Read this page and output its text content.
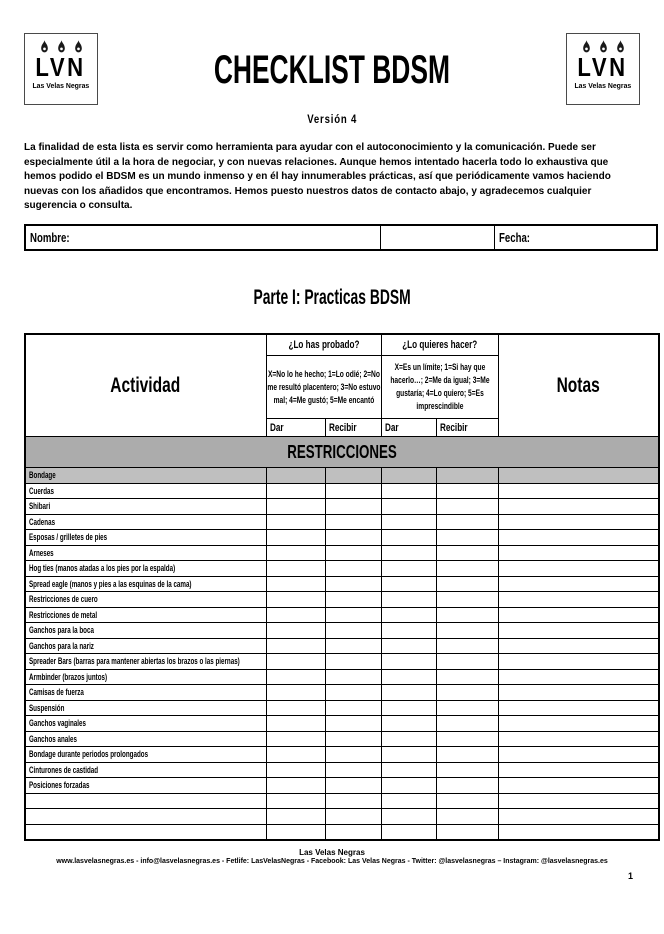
LVN
Las Velas Negras
LVN
Las Velas Negras
CHECKLIST BDSM
Versión 4
La finalidad de esta lista es servir como herramienta para ayudar con el autoconocimiento y la comunicación. Puede ser especialmente útil a la hora de negociar, y con nuevas relaciones. Aunque hemos intentado hacerla todo lo exhaustiva que hemos podido el BDSM es un mundo inmenso y en él hay innumerables prácticas, así que periódicamente vamos haciendo nuevas con los añadidos que encontramos. Hemos puesto nuestros datos de contacto abajo, y agradecemos cualquier sugerencia o consulta.
Nombre:	Fecha:
Parte I: Practicas BDSM
Actividad	¿Lo has probado?		¿Lo quieres hacer?		Notas

	X=No lo he hecho; 1=Lo odié; 2=No me resultó placentero; 3=No estuvo mal; 4=Me gustó; 5=Me encantó		X=Es un límite; 1=Si hay que hacerlo…; 2=Me da igual; 3=Me gustaría; 4=Lo quiero; 5=Es imprescindible		

	Dar	Recibir	Dar	Recibir	
RESTRICCIONES					
Bondage					
Cuerdas					
Shibari					
Cadenas					
Esposas / grilletes de pies					
Arneses					
Hog ties (manos atadas a los pies por la espalda)					
Spread eagle (manos y pies a las esquinas de la cama)					
Restricciones de cuero					
Restricciones de metal					
Ganchos para la boca					
Ganchos para la nariz					
Spreader Bars (barras para mantener abiertas los brazos o las piernas)					
Armbinder (brazos juntos)					
Camisas de fuerza					
Suspensión					
Ganchos vaginales					
Ganchos anales					
Bondage durante periodos prolongados					
Cinturones de castidad					
Posiciones forzadas					

Las Velas Negras
www.lasvelasnegras.es - info@lasvelasnegras.es - Fetlife: LasVelasNegras - Facebook: Las Velas Negras - Twitter: @lasvelasnegras – Instagram: @lasvelasnegras.es
1
